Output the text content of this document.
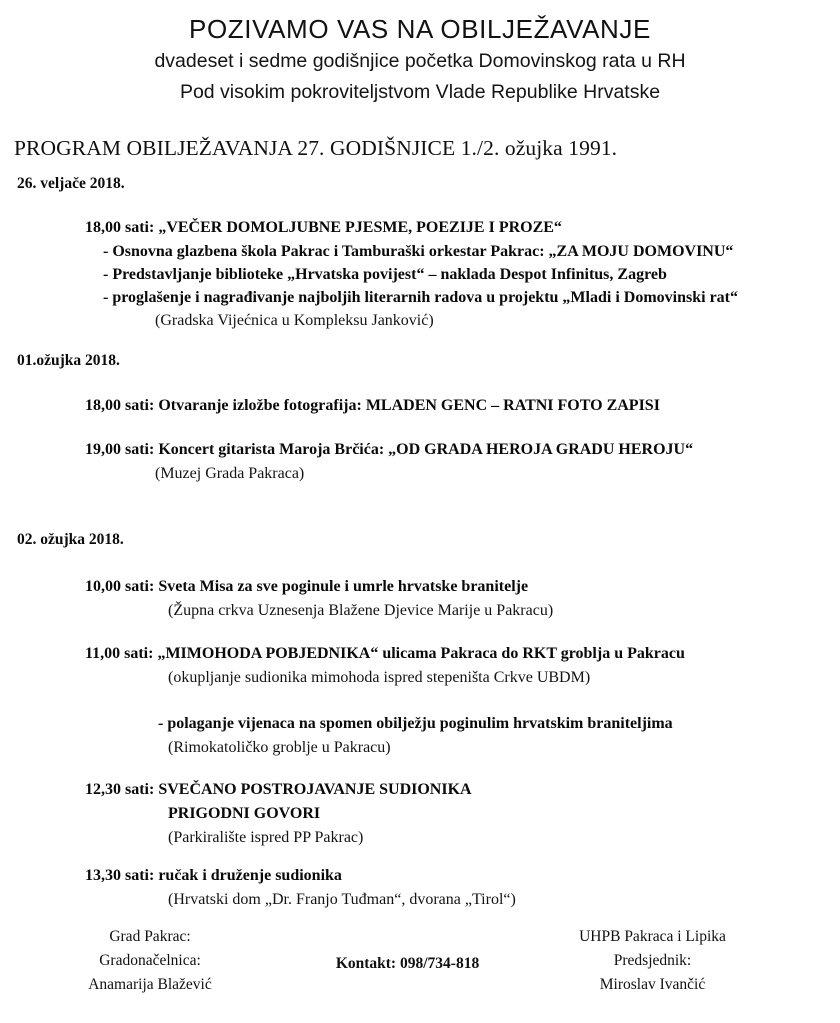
POZIVAMO VAS NA OBILJEŽAVANJE
dvadeset i sedme godišnjice početka Domovinskog rata u RH
Pod visokim pokroviteljstvom Vlade Republike Hrvatske
PROGRAM OBILJEŽAVANJA 27. GODIŠNJICE 1./2. ožujka 1991.
26. veljače 2018.
18,00 sati: „VEČER DOMOLJUBNE PJESME, POEZIJE I PROZE“
- Osnovna glazbena škola Pakrac i Tamburaški orkestar Pakrac: „ZA MOJU DOMOVINU“
- Predstavljanje biblioteke „Hrvatska povijest“ – naklada Despot Infinitus, Zagreb
- proglašenje i nagrađivanje najboljih literarnih radova u projektu „Mladi i Domovinski rat“
(Gradska Vijećnica u Kompleksu Janković)
01.ožujka 2018.
18,00 sati: Otvaranje izložbe fotografija: MLADEN GENC – RATNI FOTO ZAPISI
19,00 sati: Koncert gitarista Maroja Brčića: „OD GRADA HEROJA GRADU HEROJU“
(Muzej Grada Pakraca)
02. ožujka 2018.
10,00 sati: Sveta Misa za sve poginule i umrle hrvatske branitelje
(Župna crkva Uznesenja Blažene Djevice Marije u Pakracu)
11,00 sati: „MIMOHODA POBJEDNIKA“ ulicama Pakraca do RKT groblja u Pakracu
(okupljanje sudionika mimohoda ispred stepeništa Crkve UBDM)
- polaganje vijenaca na spomen obilježju poginulim hrvatskim braniteljima
(Rimokatoličko groblje u Pakracu)
12,30 sati: SVEČANO POSTROJAVANJE SUDIONIKA
PRIGODNI GOVORI
(Parkiralište ispred PP Pakrac)
13,30 sati: ručak i druženje sudionika
(Hrvatski dom „Dr. Franjo Tuđman“, dvorana „Tirol“)
Grad Pakrac:
Gradonačelnica:
Anamarija Blažević
Kontakt: 098/734-818
UHPB Pakraca i Lipika
Predsjednik:
Miroslav Ivančić
